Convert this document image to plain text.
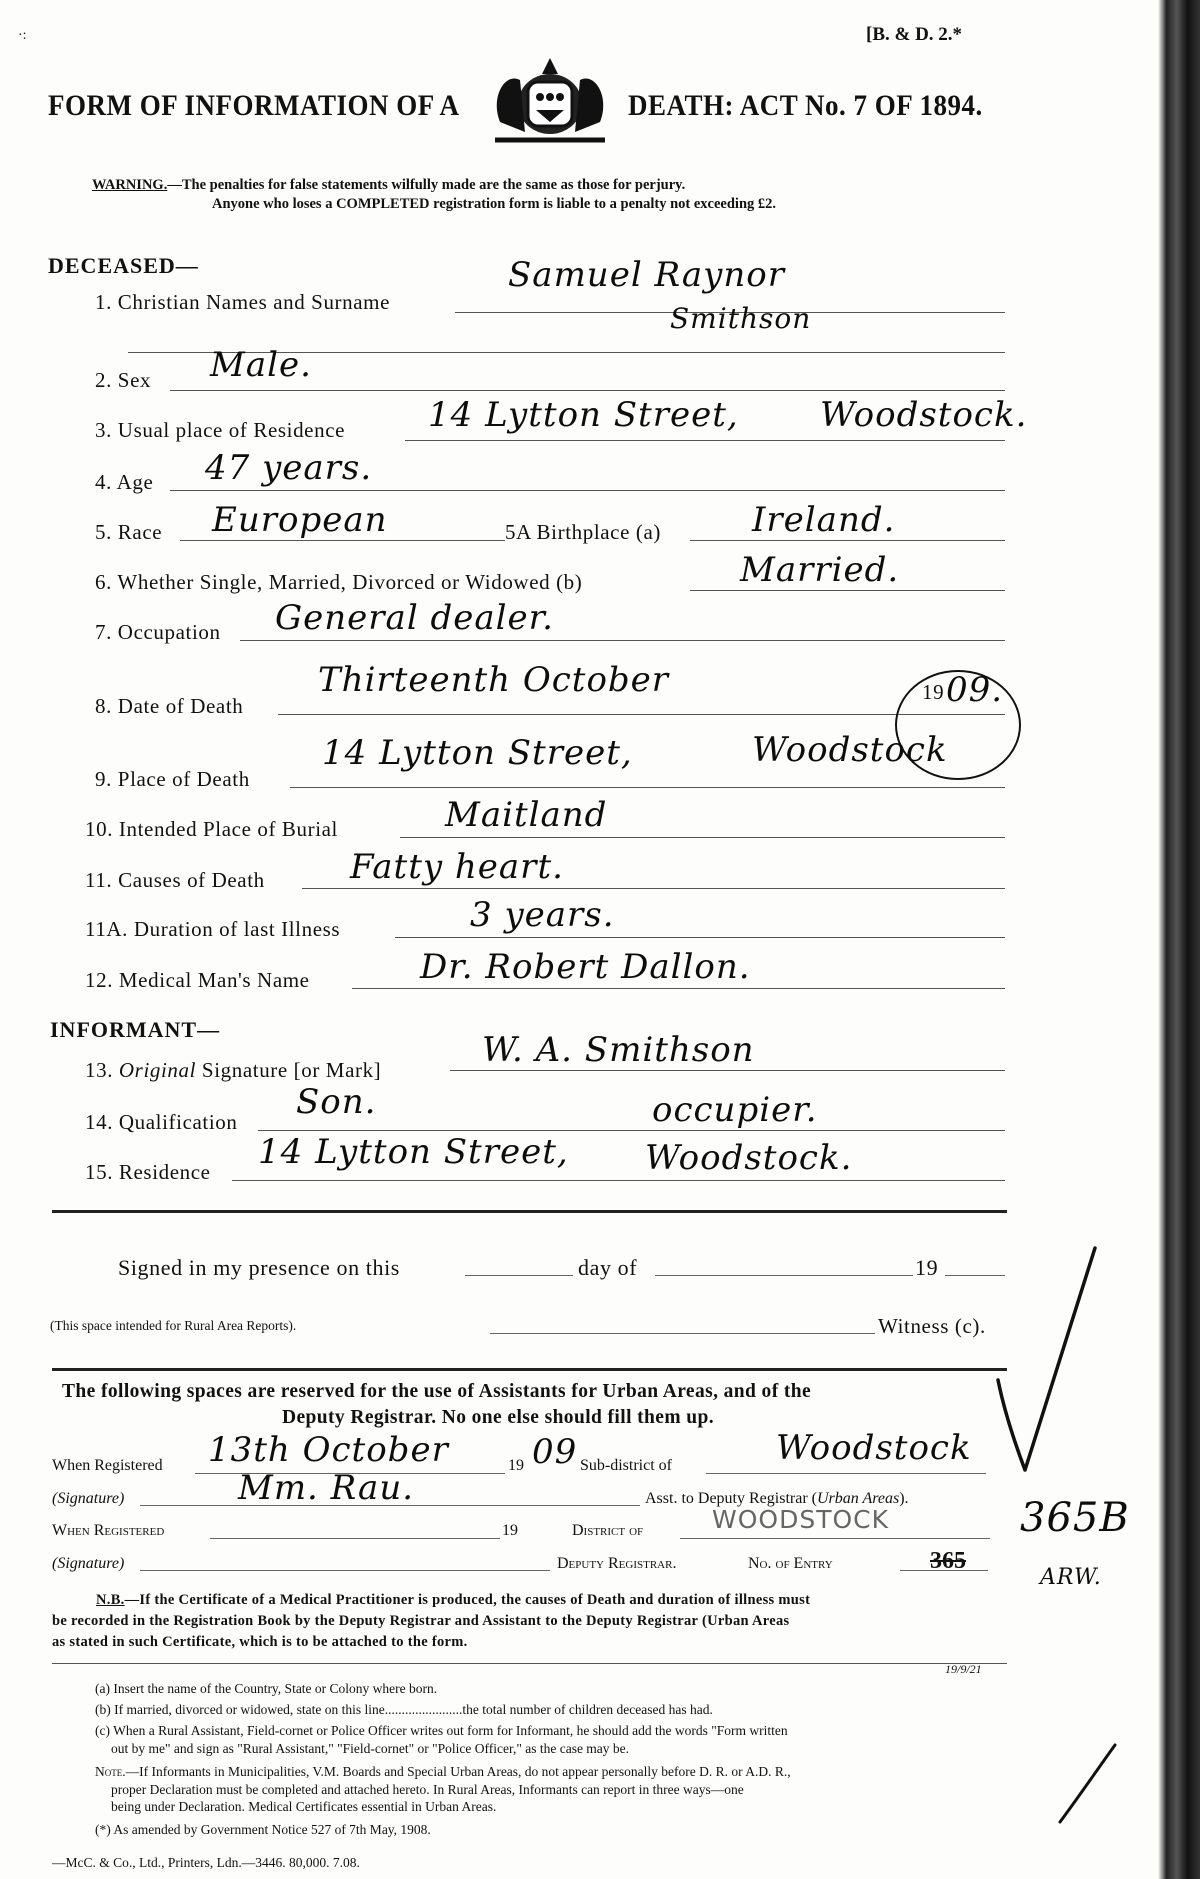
[B. & D. 2.*
·:
FORM OF INFORMATION OF A	DEATH: ACT No. 7 OF 1894.
WARNING.—The penalties for false statements wilfully made are the same as those for perjury.
Anyone who loses a COMPLETED registration form is liable to a penalty not exceeding £2.
DECEASED—
1. Christian Names and Surname
Samuel Raynor
Smithson
2. Sex Male.
3. Usual place of Residence 14 Lytton Street, Woodstock.
4. Age 47 years.
5. Race European	5A Birthplace (a)	Ireland.
6. Whether Single, Married, Divorced or Widowed (b)	Married.
7. Occupation General dealer.
8. Date of Death
Thirteenth October	19 09.
9. Place of Death
14 Lytton Street,	Woodstock
10. Intended Place of Burial	Maitland
11. Causes of Death	Fatty heart.
11A. Duration of last Illness	3 years.
12. Medical Man's Name	Dr. Robert Dallon.
INFORMANT—
13. Original Signature [or Mark]	W. A. Smithson
14. Qualification Son.	occupier.
15. Residence 14 Lytton Street, Woodstock.
Signed in my presence on this	day of	19
(This space intended for Rural Area Reports).	Witness (c).
The following spaces are reserved for the use of Assistants for Urban Areas, and of the
Deputy Registrar. No one else should fill them up.
When Registered 13th October	19 09 Sub-district of	Woodstock
(Signature)	Mm. Rau.	Asst. to Deputy Registrar (Urban Areas).
When Registered	19	District of	WOODSTOCK
(Signature)	Deputy Registrar.	No. of Entry	365
365B
ARW.
N.B.—If the Certificate of a Medical Practitioner is produced, the causes of Death and duration of illness must
be recorded in the Registration Book by the Deputy Registrar and Assistant to the Deputy Registrar (Urban Areas
as stated in such Certificate, which is to be attached to the form.
(a) Insert the name of the Country, State or Colony where born.
19/9/21
(b) If married, divorced or widowed, state on this line.......................the total number of children deceased has had.
(c) When a Rural Assistant, Field-cornet or Police Officer writes out form for Informant, he should add the words "Form written
out by me" and sign as "Rural Assistant," "Field-cornet" or "Police Officer," as the case may be.
Note.—If Informants in Municipalities, V.M. Boards and Special Urban Areas, do not appear personally before D. R. or A.D. R.,
proper Declaration must be completed and attached hereto. In Rural Areas, Informants can report in three ways—one
being under Declaration. Medical Certificates essential in Urban Areas.
(*) As amended by Government Notice 527 of 7th May, 1908.
—McC. & Co., Ltd., Printers, Ldn.—3446. 80,000. 7.08.
